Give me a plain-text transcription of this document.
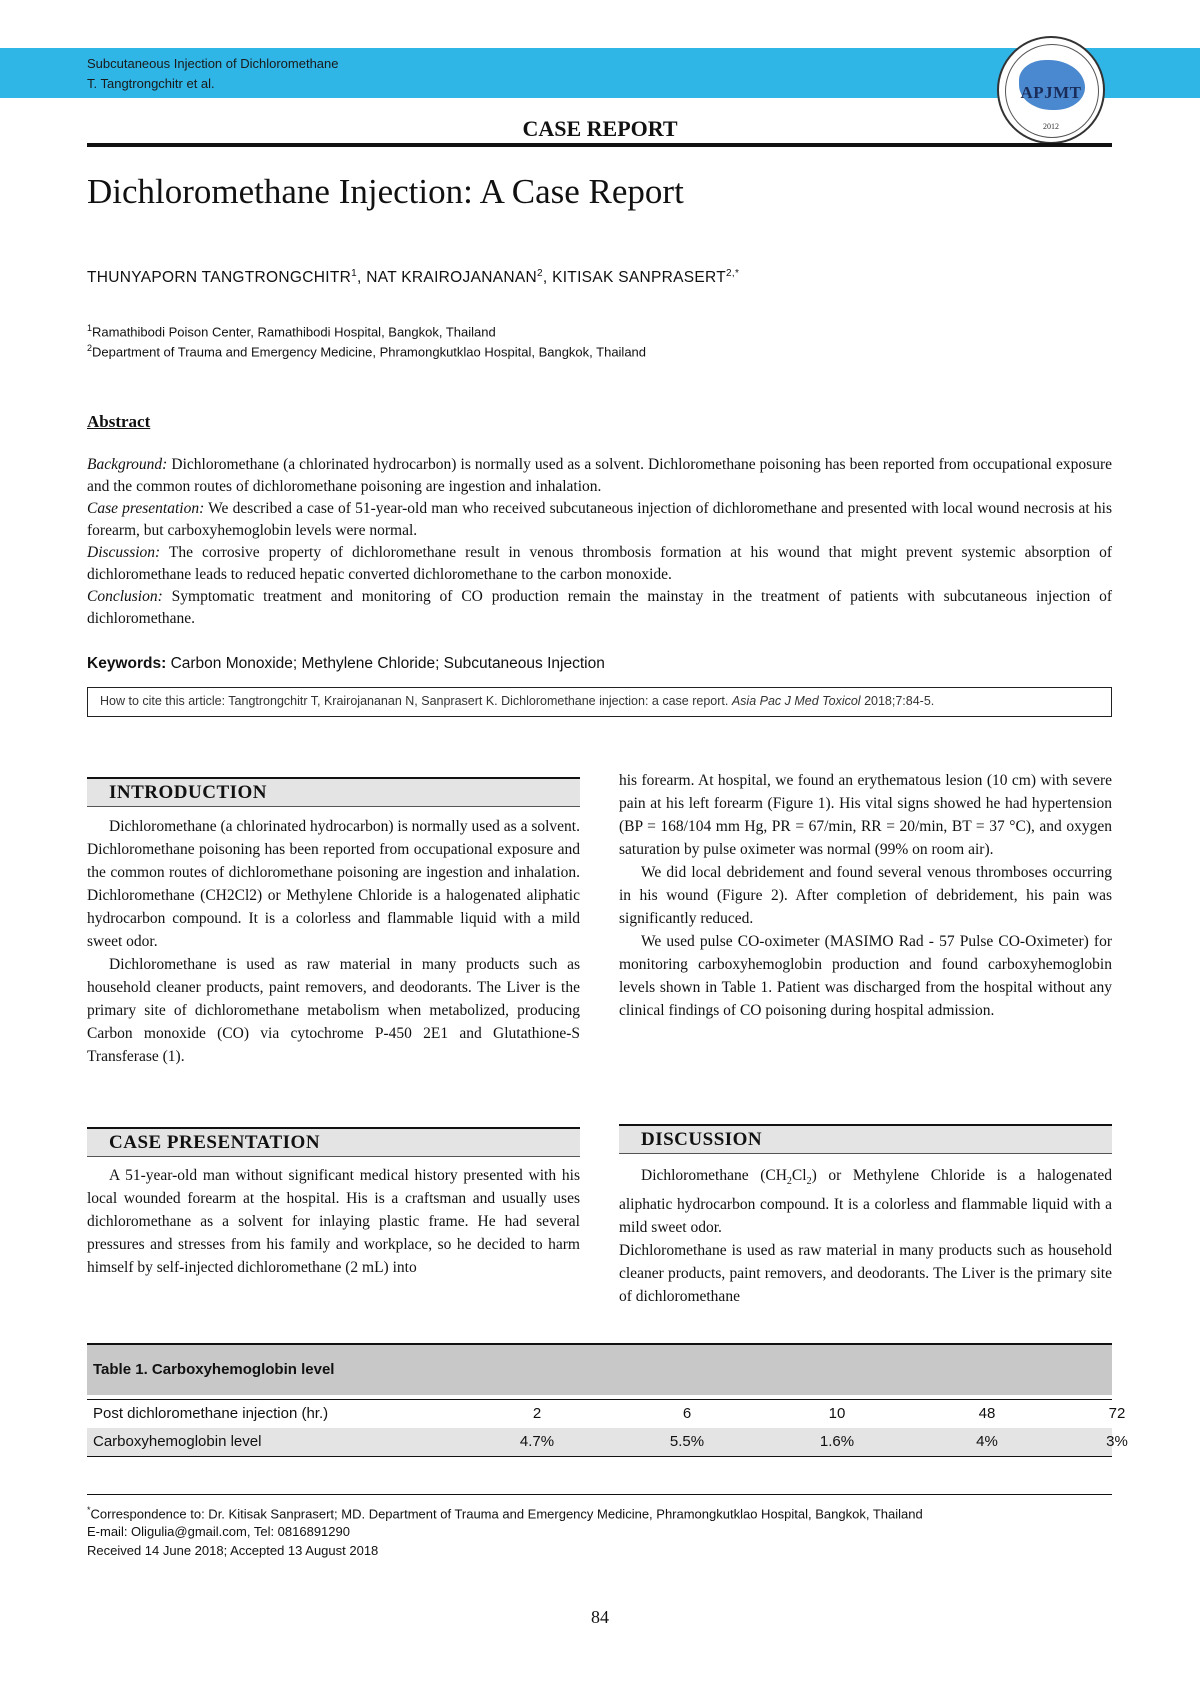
Subcutaneous Injection of Dichloromethane
T. Tangtrongchitr et al.	APJMT
2012
CASE REPORT
Dichloromethane Injection: A Case Report
THUNYAPORN TANGTRONGCHITR$^1$, NAT KRAIROJANANAN$^2$, KITISAK $SANPRASERT^{2,*}$
$^1$Ramathibodi Poison Center, Ramathibodi Hospital, Bangkok, Thailand
$^2$Department of Trauma and Emergency Medicine, Phramongkutklao Hospital, Bangkok, Thailand
Abstract

Background: Dichloromethane (a chlorinated hydrocarbon) is normally used as a solvent. Dichloromethane poisoning has been reported from occupational exposure and the common routes of dichloromethane poisoning are ingestion and inhalation.

Case presentation: We described a case of 51-year-old man who received subcutaneous injection of dichloromethane and presented with local wound necrosis at his forearm, but carboxyhemoglobin levels were normal.

Discussion: The corrosive property of dichloromethane result in venous thrombosis formation at his wound that might prevent systemic absorption of dichloromethane leads to reduced hepatic converted dichloromethane to the carbon monoxide.

Conclusion: Symptomatic treatment and monitoring of CO production remain the mainstay in the treatment of patients with subcutaneous injection of dichloromethane.

Keywords: Carbon Monoxide; Methylene Chloride; Subcutaneous Injection
How to cite this article: Tangtrongchitr T, Krairojananan N, Sanprasert K. Dichloromethane injection: a case report. Asia Pac J Med Toxicol 2018;7:84-5.
INTRODUCTION

Dichloromethane (a chlorinated hydrocarbon) is normally used as a solvent. Dichloromethane poisoning has been reported from occupational exposure and the common routes of dichloromethane poisoning are ingestion and inhalation. Dichloromethane (CH2Cl2) or Methylene Chloride is a halogenated aliphatic hydrocarbon compound. It is a colorless and flammable liquid with a mild sweet odor.

Dichloromethane is used as raw material in many products such as household cleaner products, paint removers, and deodorants. The Liver is the primary site of dichloromethane metabolism when metabolized, producing Carbon monoxide (CO) via cytochrome P-450 2E1 and Glutathione-S Transferase (1).

CASE PRESENTATION

A 51-year-old man without significant medical history presented with his local wounded forearm at the hospital. His is a craftsman and usually uses dichloromethane as a solvent for inlaying plastic frame. He had several pressures and stresses from his family and workplace, so he decided to harm himself by self-injected dichloromethane (2 mL) into

his forearm. At hospital, we found an erythematous lesion (10 cm) with severe pain at his left forearm (Figure 1). His vital signs showed he had hypertension (BP = 168/104 mm Hg, PR = 67/min, RR = 20/min, BT = 37 °C), and oxygen saturation by pulse oximeter was normal (99% on room air).

We did local debridement and found several venous thromboses occurring in his wound (Figure 2). After completion of debridement, his pain was significantly reduced.

We used pulse CO-oximeter (MASIMO Rad - 57 Pulse CO-Oximeter) for monitoring carboxyhemoglobin production and found carboxyhemoglobin levels shown in Table 1. Patient was discharged from the hospital without any clinical findings of CO poisoning during hospital admission.

DISCUSSION

Dichloromethane $(CH_2Cl_2)$ or Methylene Chloride is a halogenated aliphatic hydrocarbon compound. It is a colorless and flammable liquid with a mild sweet odor.

Dichloromethane is used as raw material in many products such as household cleaner products, paint removers, and deodorants. The Liver is the primary site of dichloromethane

Table 1. Carboxyhemoglobin level
Post dichloromethane injection (hr.)	2	6	10	48	72
Carboxyhemoglobin level	4.7%	5.5%	1.6%	4%	3%
*Correspondence to: Dr. Kitisak Sanprasert; MD. Department of Trauma and Emergency Medicine, Phramongkutklao Hospital, Bangkok, Thailand
E-mail: Oligulia@gmail.com, Tel: 0816891290
Received 14 June 2018; Accepted 13 August 2018
84
